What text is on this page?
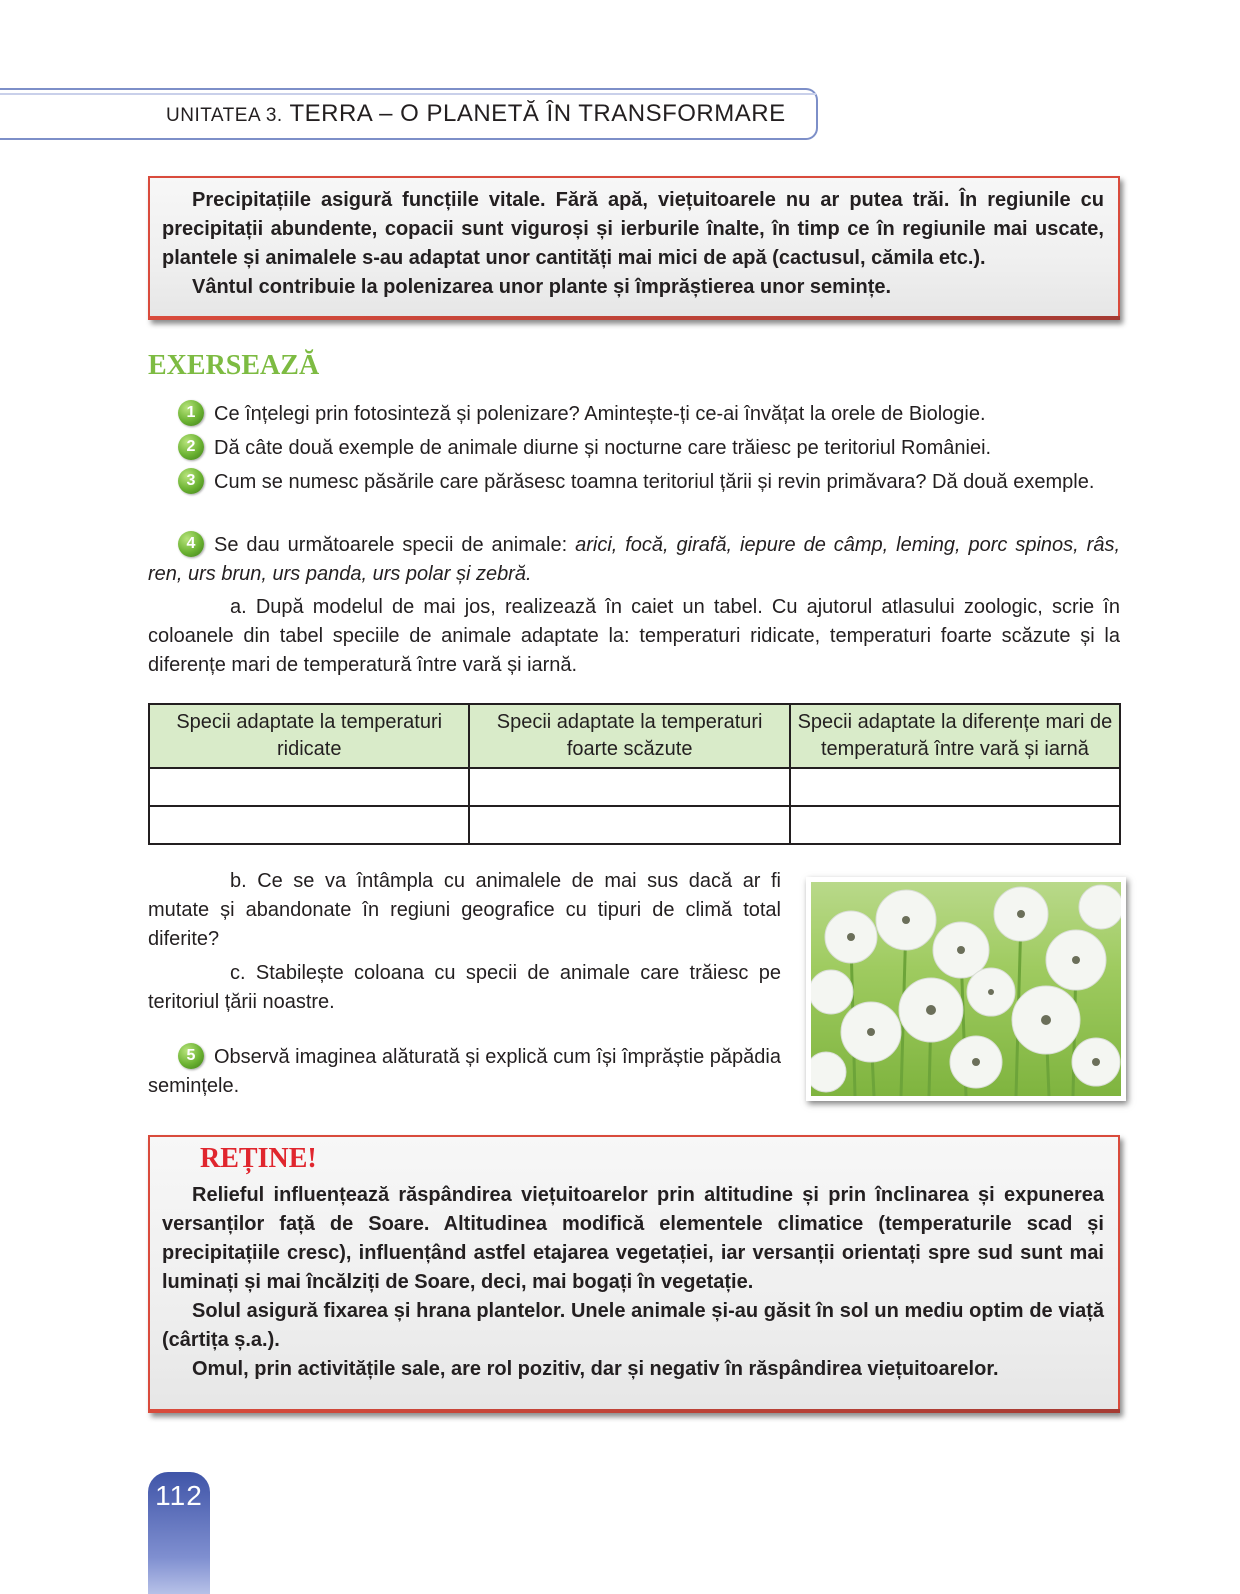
UNITATEA 3. TERRA – O PLANETĂ ÎN TRANSFORMARE

Precipitațiile asigură funcțiile vitale. Fără apă, viețuitoarele nu ar putea trăi. În regiunile cu precipitații abundente, copacii sunt viguroși și ierburile înalte, în timp ce în regiunile mai uscate, plantele și animalele s-au adaptat unor cantități mai mici de apă (cactusul, cămila etc.).

Vântul contribuie la polenizarea unor plante și împrăștierea unor semințe.

EXERSEAZĂ
1 Ce înțelegi prin fotosinteză și polenizare? Amintește-ți ce-ai învățat la orele de Biologie.
2 Dă câte două exemple de animale diurne și nocturne care trăiesc pe teritoriul României.
3 Cum se numesc păsările care părăsesc toamna teritoriul țării și revin primăvara? Dă două exemple.
4 Se dau următoarele specii de animale: arici, focă, girafă, iepure de câmp, leming, porc spinos, râs, ren, urs brun, urs panda, urs polar și zebră.
a. După modelul de mai jos, realizează în caiet un tabel. Cu ajutorul atlasului zoologic, scrie în coloanele din tabel speciile de animale adaptate la: temperaturi ridicate, temperaturi foarte scăzute și la diferențe mari de temperatură între vară și iarnă.
Specii adaptate la temperaturi ridicate	Specii adaptate la temperaturi foarte scăzute	Specii adaptate la diferențe mari de temperatură între vară și iarnă

b. Ce se va întâmpla cu animalele de mai sus dacă ar fi mutate și abandonate în regiuni geografice cu tipuri de climă total diferite?
c. Stabilește coloana cu specii de animale care trăiesc pe teritoriul țării noastre.
5 Observă imaginea alăturată și explică cum își împrăștie păpădia semințele.
REȚINE!

Relieful influențează răspândirea viețuitoarelor prin altitudine și prin înclinarea și expunerea versanților față de Soare. Altitudinea modifică elementele climatice (temperaturile scad și precipitațiile cresc), influențând astfel etajarea vegetației, iar versanții orientați spre sud sunt mai luminați și mai încălziți de Soare, deci, mai bogați în vegetație.

Solul asigură fixarea și hrana plantelor. Unele animale și-au găsit în sol un mediu optim de viață (cârtița ș.a.).

Omul, prin activitățile sale, are rol pozitiv, dar și negativ în răspândirea viețuitoarelor.

112
